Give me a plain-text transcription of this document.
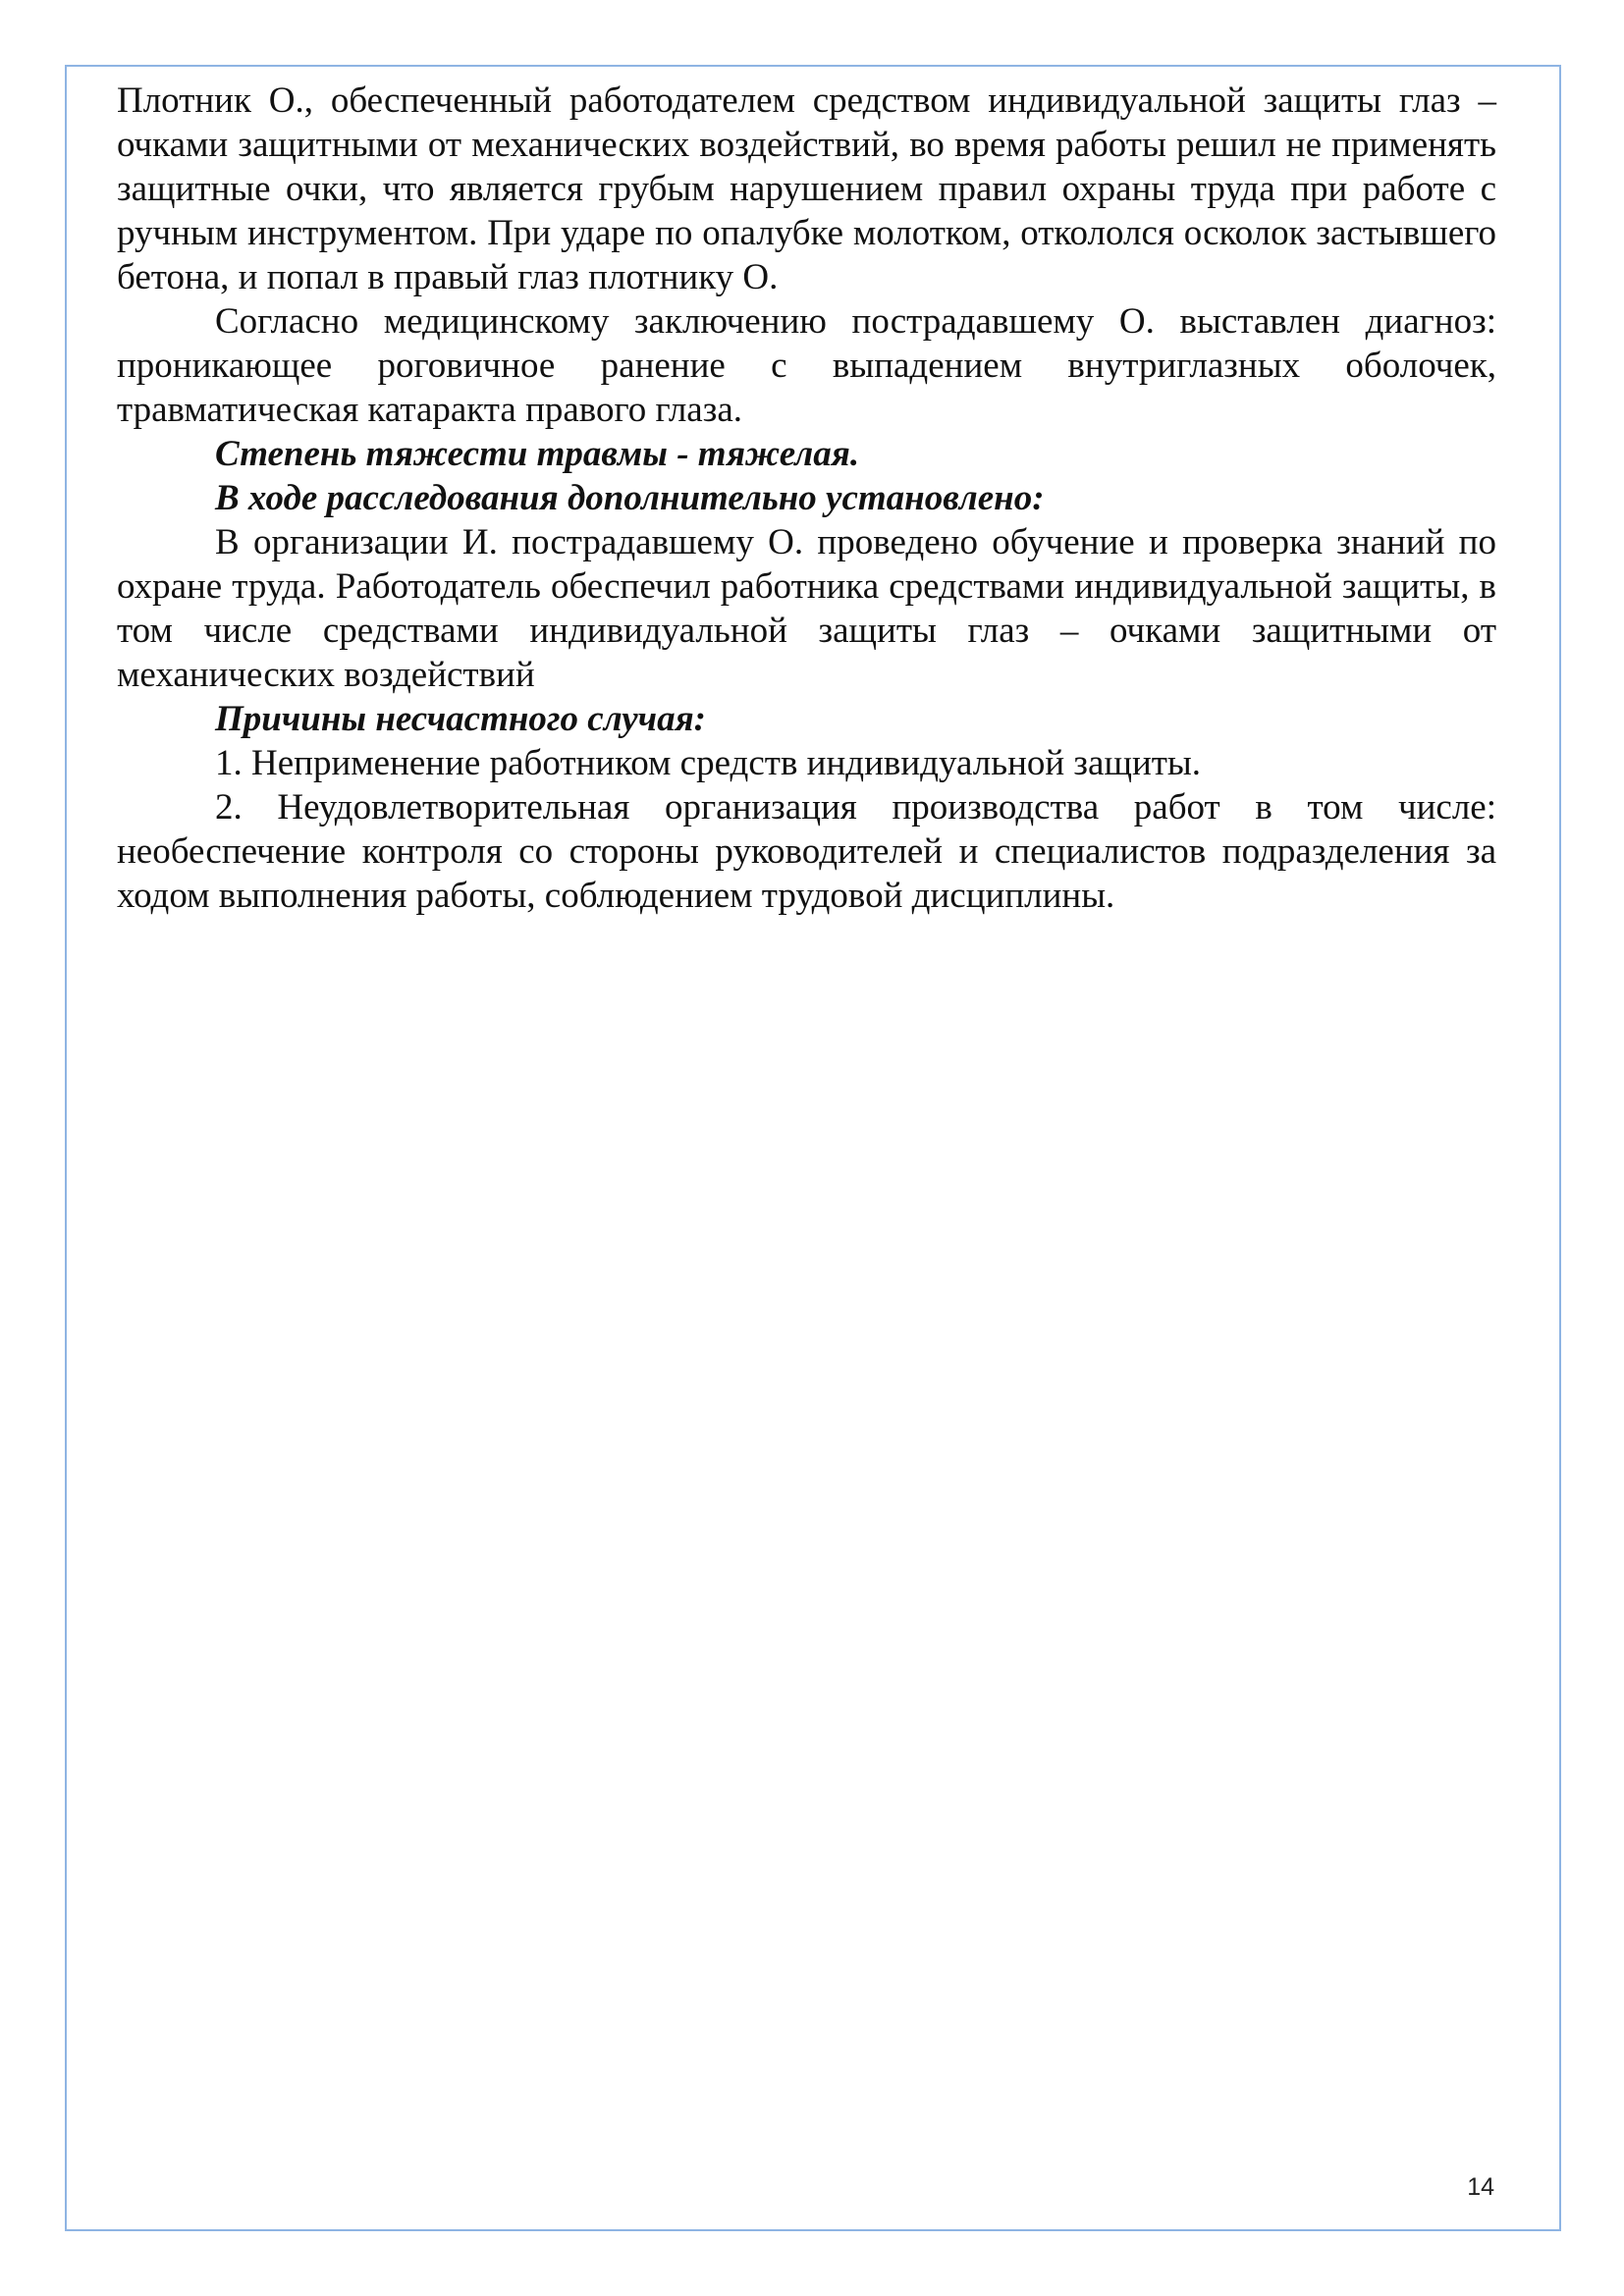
Плотник О., обеспеченный работодателем средством индивидуальной защиты глаз – очками защитными от механических воздействий, во время работы решил не применять защитные очки, что является грубым нарушением правил охраны труда при работе с ручным инструментом. При ударе по опалубке молотком, откололся осколок застывшего бетона, и попал в правый глаз плотнику О.

Согласно медицинскому заключению пострадавшему О. выставлен диагноз: проникающее роговичное ранение с выпадением внутриглазных оболочек, травматическая катаракта правого глаза.

Степень тяжести травмы - тяжелая.

В ходе расследования дополнительно установлено:

В организации И. пострадавшему О. проведено обучение и проверка знаний по охране труда. Работодатель обеспечил работника средствами индивидуальной защиты, в том числе средствами индивидуальной защиты глаз – очками защитными от механических воздействий

Причины несчастного случая:

1. Неприменение работником средств индивидуальной защиты.

2. Неудовлетворительная организация производства работ в том числе: необеспечение контроля со стороны руководителей и специалистов подразделения за ходом выполнения работы, соблюдением трудовой дисциплины.

14
